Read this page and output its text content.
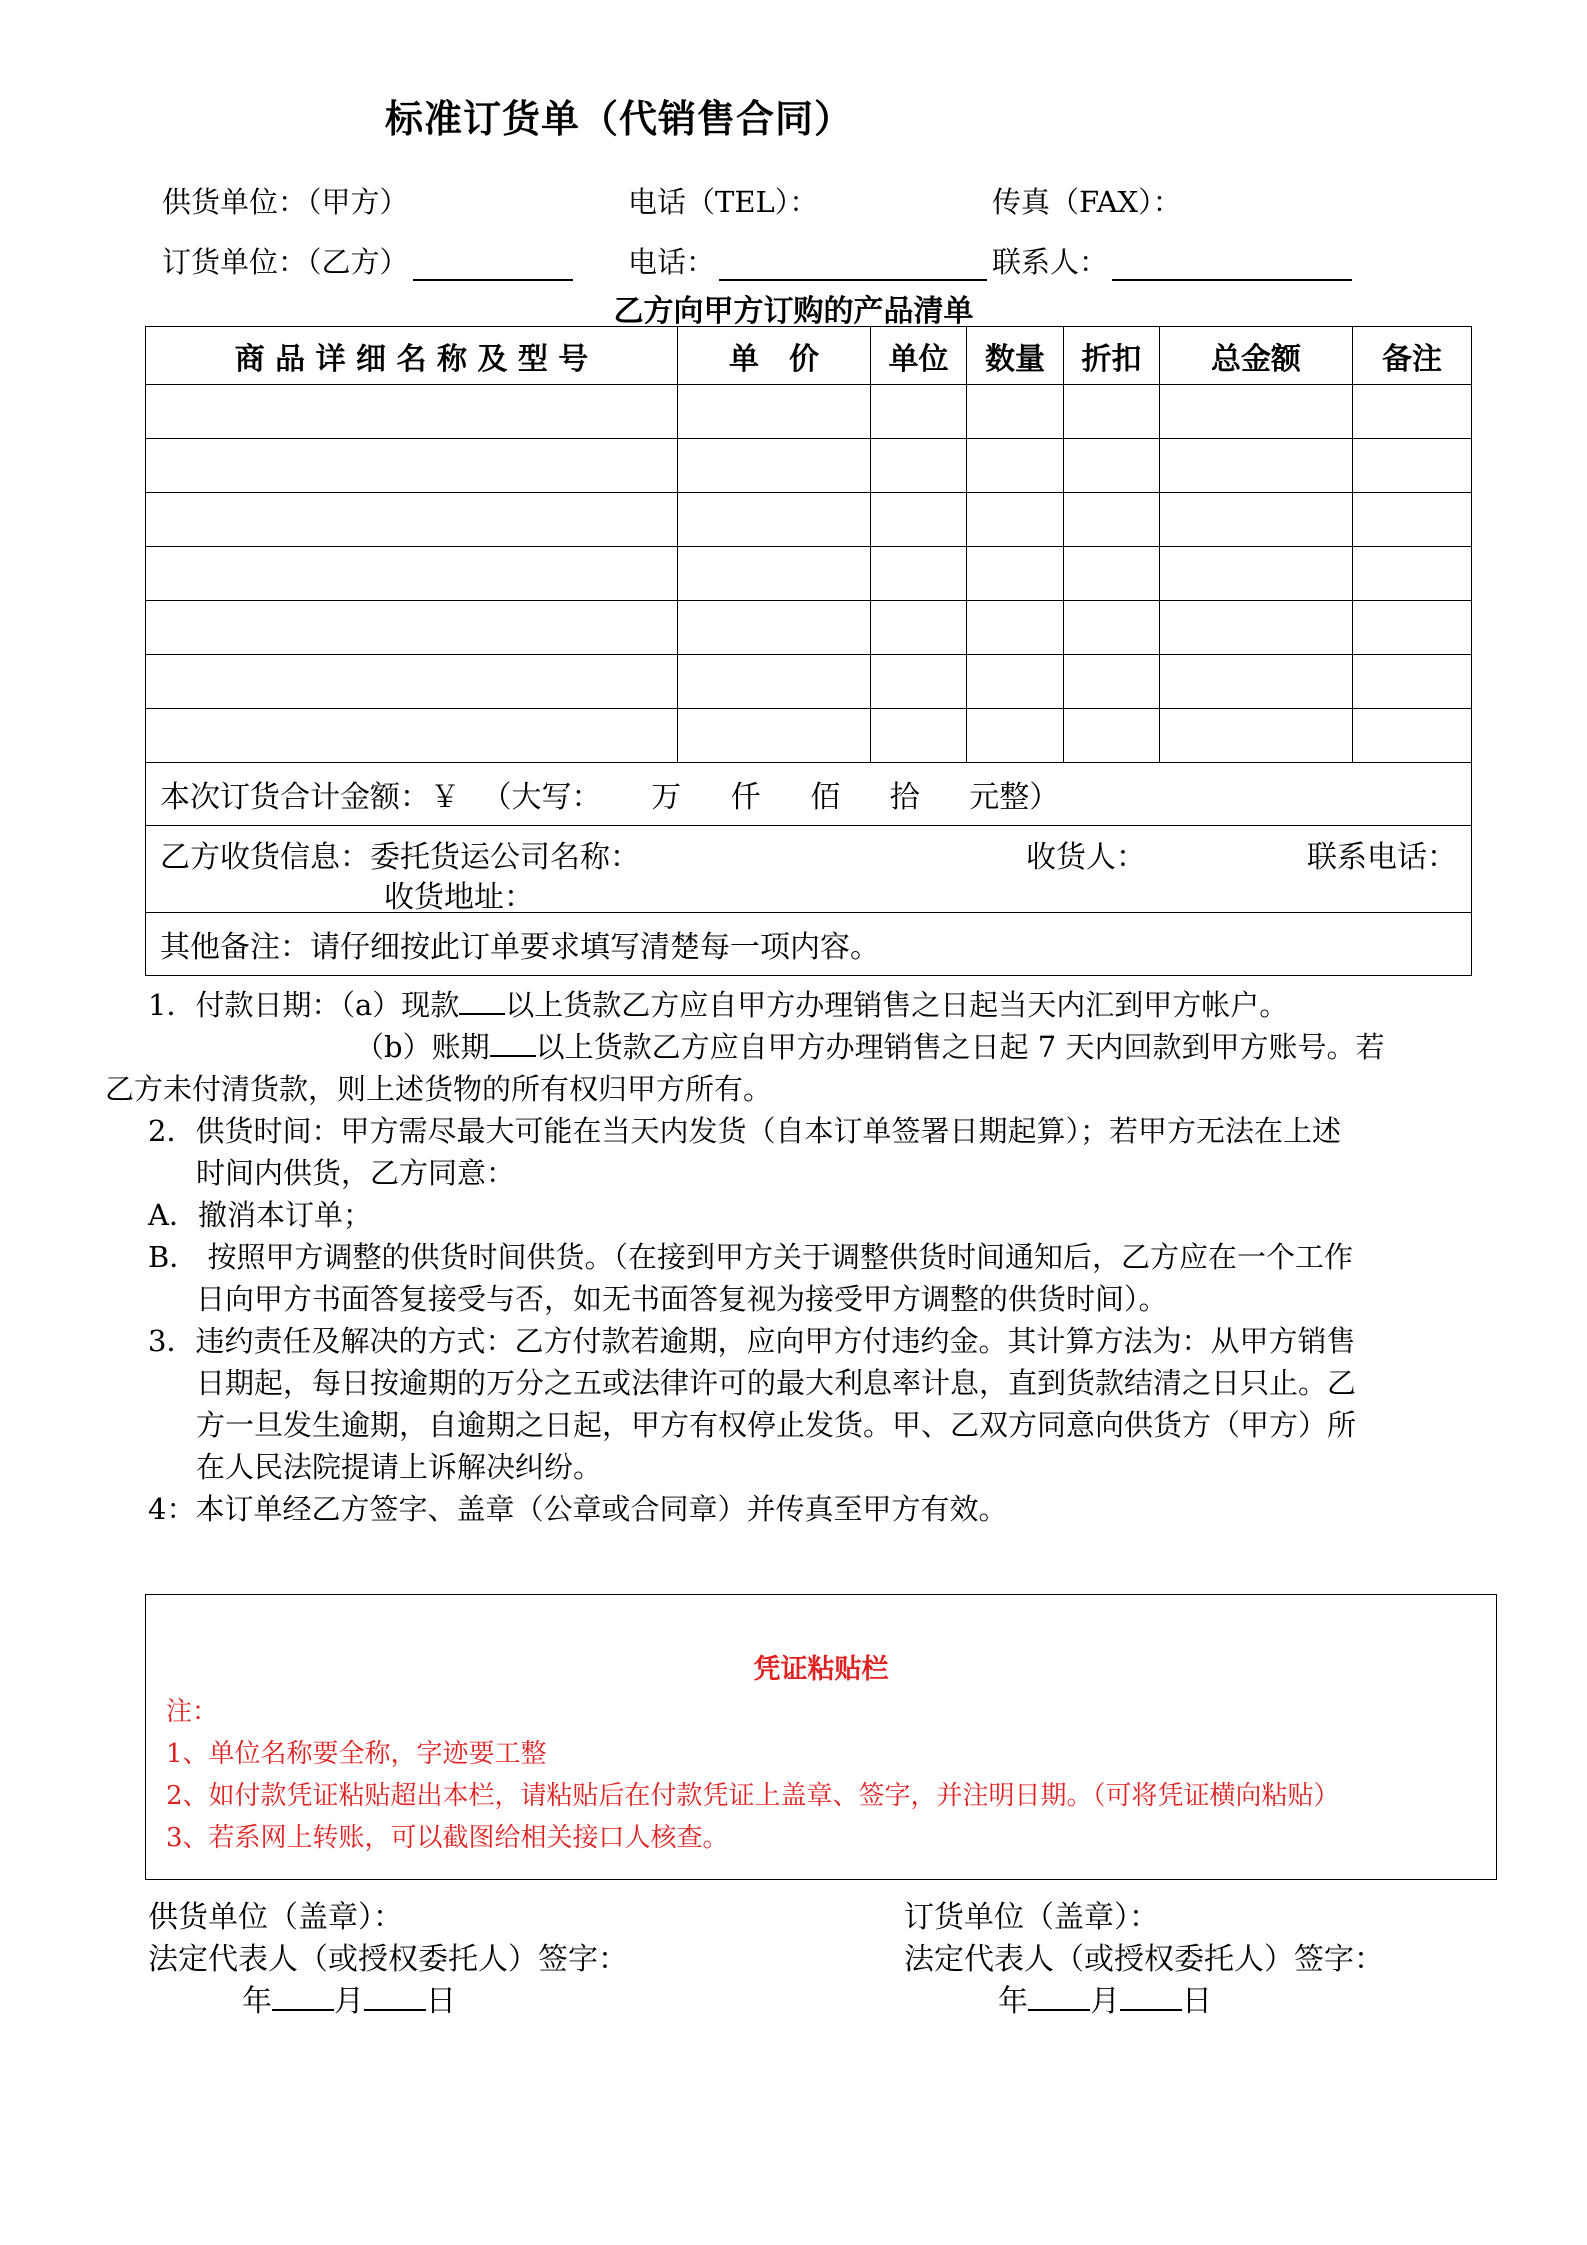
标准订货单（代销售合同）
供货单位：（甲方）	电话（TEL）：	传真（FAX）：
订货单位：（乙方）	电话：	联系人：
乙方向甲方订购的产品清单
商 品 详 细 名 称 及 型 号	单　价	单位	数量	折扣	总金额	备注

本次订货合计金额：￥ （大写： 万 仟 佰 拾 元整）						

乙方收货信息：委托货运公司名称： 收货人： 联系电话：
收货地址：						

其他备注：请仔细按此订单要求填写清楚每一项内容。						
1．付款日期：（a）现款 以上货款乙方应自甲方办理销售之日起当天内汇到甲方帐户。
（b）账期 以上货款乙方应自甲方办理销售之日起 7 天内回款到甲方账号。若
乙方未付清货款，则上述货物的所有权归甲方所有。
2．供货时间：甲方需尽最大可能在当天内发货（自本订单签署日期起算）；若甲方无法在上述
时间内供货，乙方同意：
A．撤消本订单；
B． 按照甲方调整的供货时间供货。（在接到甲方关于调整供货时间通知后，乙方应在一个工作
日向甲方书面答复接受与否，如无书面答复视为接受甲方调整的供货时间）。
3．违约责任及解决的方式：乙方付款若逾期，应向甲方付违约金。其计算方法为：从甲方销售
日期起，每日按逾期的万分之五或法律许可的最大利息率计息，直到货款结清之日只止。乙
方一旦发生逾期，自逾期之日起，甲方有权停止发货。甲、乙双方同意向供货方（甲方）所
在人民法院提请上诉解决纠纷。
4：本订单经乙方签字、盖章（公章或合同章）并传真至甲方有效。
凭证粘贴栏
注：
1、单位名称要全称，字迹要工整
2、如付款凭证粘贴超出本栏，请粘贴后在付款凭证上盖章、签字，并注明日期。（可将凭证横向粘贴）
3、若系网上转账，可以截图给相关接口人核查。
供货单位（盖章）：	订货单位（盖章）：
法定代表人（或授权委托人）签字：	法定代表人（或授权委托人）签字：
年 月 日	年 月 日
